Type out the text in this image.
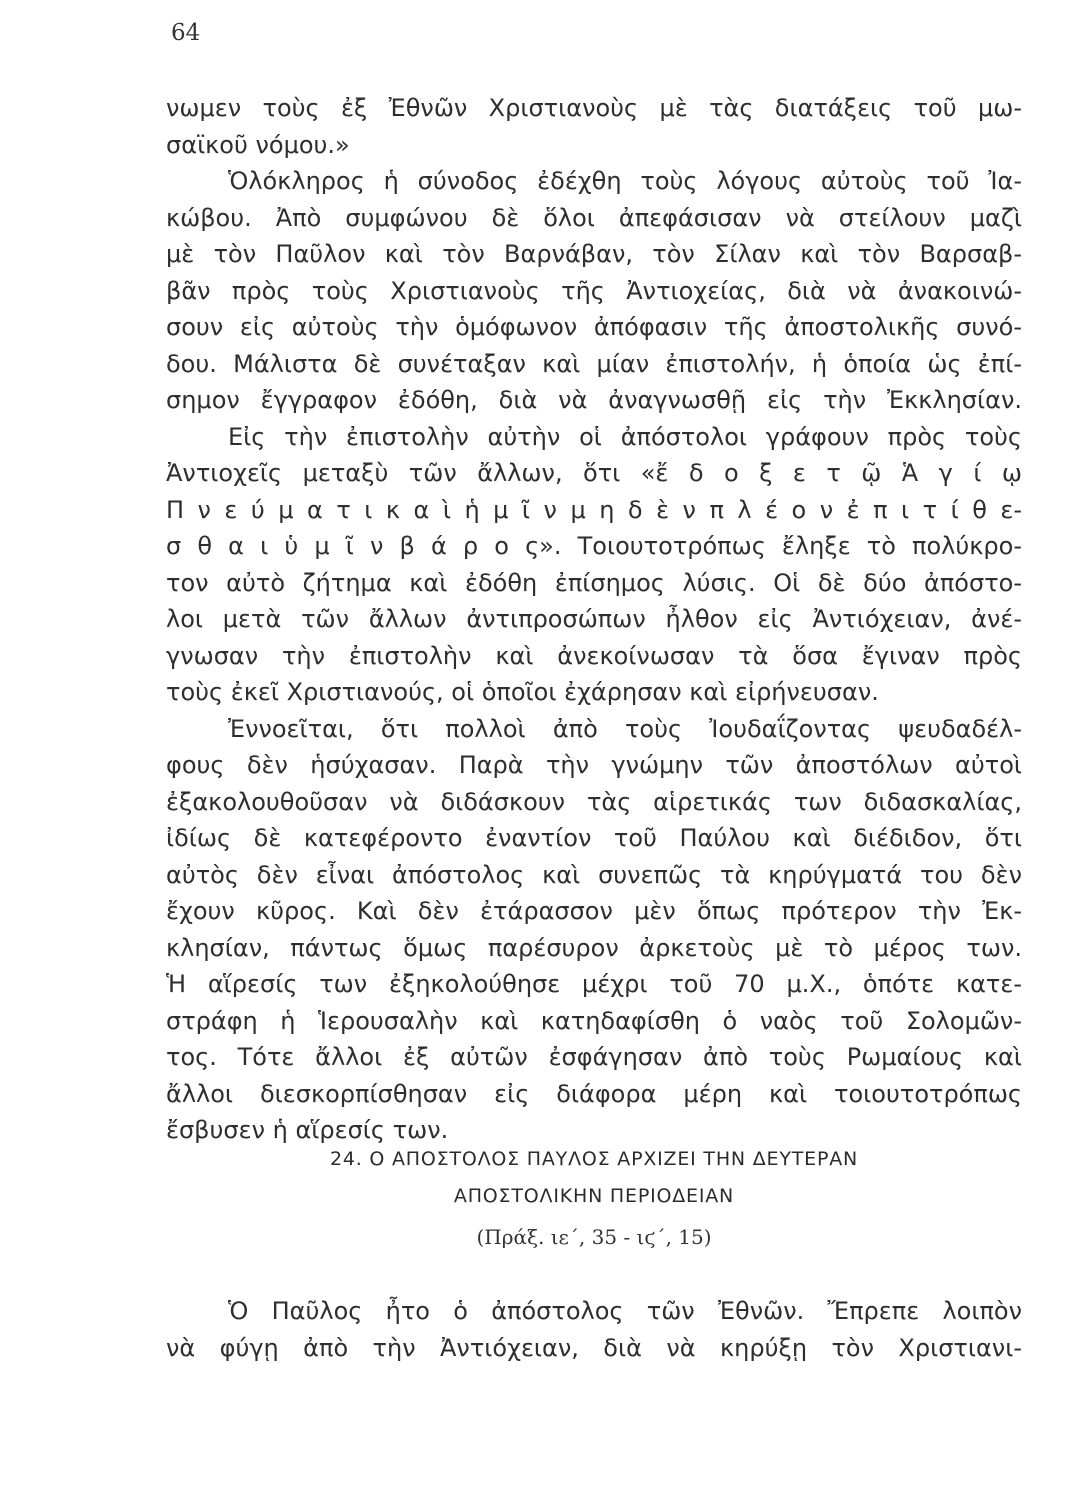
64
νωμεν τοὺς ἐξ Ἐθνῶν Χριστιανοὺς μὲ τὰς διατάξεις τοῦ μω-
σαϊκοῦ νόμου.»
Ὁλόκληρος ἡ σύνοδος ἐδέχθη τοὺς λόγους αὐτοὺς τοῦ Ἰα-
κώβου. Ἀπὸ συμφώνου δὲ ὅλοι ἀπεφάσισαν νὰ στείλουν μαζὶ
μὲ τὸν Παῦλον καὶ τὸν Βαρνάβαν, τὸν Σίλαν καὶ τὸν Βαρσαβ-
βᾶν πρὸς τοὺς Χριστιανοὺς τῆς Ἀντιοχείας, διὰ νὰ ἀνακοινώ-
σουν εἰς αὐτοὺς τὴν ὁμόφωνον ἀπόφασιν τῆς ἀποστολικῆς συνό-
δου. Μάλιστα δὲ συνέταξαν καὶ μίαν ἐπιστολήν, ἡ ὁποία ὡς ἐπί-
σημον ἔγγραφον ἐδόθη, διὰ νὰ ἀναγνωσθῇ εἰς τὴν Ἐκκλησίαν.
Εἰς τὴν ἐπιστολὴν αὐτὴν οἱ ἀπόστολοι γράφουν πρὸς τοὺς
Ἀντιοχεῖς μεταξὺ τῶν ἄλλων, ὅτι «ἔ δ ο ξ ε τ ῷ Ἁ γ ί ῳ
Π ν ε ύ μ α τ ι κ α ὶ ἡ μ ῖ ν μ η δ ὲ ν π λ έ ο ν ἐ π ι τ ί θ ε-
σ θ α ι ὑ μ ῖ ν β ά ρ ο ς». Τοιουτοτρόπως ἔληξε τὸ πολύκρο-
τον αὐτὸ ζήτημα καὶ ἐδόθη ἐπίσημος λύσις. Οἱ δὲ δύο ἀπόστο-
λοι μετὰ τῶν ἄλλων ἀντιπροσώπων ἦλθον εἰς Ἀντιόχειαν, ἀνέ-
γνωσαν τὴν ἐπιστολὴν καὶ ἀνεκοίνωσαν τὰ ὅσα ἔγιναν πρὸς
τοὺς ἐκεῖ Χριστιανούς, οἱ ὁποῖοι ἐχάρησαν καὶ εἰρήνευσαν.
Ἐννοεῖται, ὅτι πολλοὶ ἀπὸ τοὺς Ἰουδαΐζοντας ψευδαδέλ-
φους δὲν ἡσύχασαν. Παρὰ τὴν γνώμην τῶν ἀποστόλων αὐτοὶ
ἐξακολουθοῦσαν νὰ διδάσκουν τὰς αἱρετικάς των διδασκαλίας,
ἰδίως δὲ κατεφέροντο ἐναντίον τοῦ Παύλου καὶ διέδιδον, ὅτι
αὐτὸς δὲν εἶναι ἀπόστολος καὶ συνεπῶς τὰ κηρύγματά του δὲν
ἔχουν κῦρος. Καὶ δὲν ἐτάρασσον μὲν ὅπως πρότερον τὴν Ἐκ-
κλησίαν, πάντως ὅμως παρέσυρον ἀρκετοὺς μὲ τὸ μέρος των.
Ἡ αἵρεσίς των ἐξηκολούθησε μέχρι τοῦ 70 μ.Χ., ὁπότε κατε-
στράφη ἡ Ἱερουσαλὴν καὶ κατηδαφίσθη ὁ ναὸς τοῦ Σολομῶν-
τος. Τότε ἄλλοι ἐξ αὐτῶν ἐσφάγησαν ἀπὸ τοὺς Ρωμαίους καὶ
ἄλλοι διεσκορπίσθησαν εἰς διάφορα μέρη καὶ τοιουτοτρόπως
ἔσβυσεν ἡ αἵρεσίς των.
24. Ο ΑΠΟΣΤΟΛΟΣ ΠΑΥΛΟΣ ΑΡΧΙΖΕΙ ΤΗΝ ΔΕΥΤΕΡΑΝ
ΑΠΟΣΤΟΛΙΚΗΝ ΠΕΡΙΟΔΕΙΑΝ
(Πράξ. ιε΄, 35 - ιϛ΄, 15)
Ὁ Παῦλος ἦτο ὁ ἀπόστολος τῶν Ἐθνῶν. Ἔπρεπε λοιπὸν
νὰ φύγῃ ἀπὸ τὴν Ἀντιόχειαν, διὰ νὰ κηρύξῃ τὸν Χριστιανι-
